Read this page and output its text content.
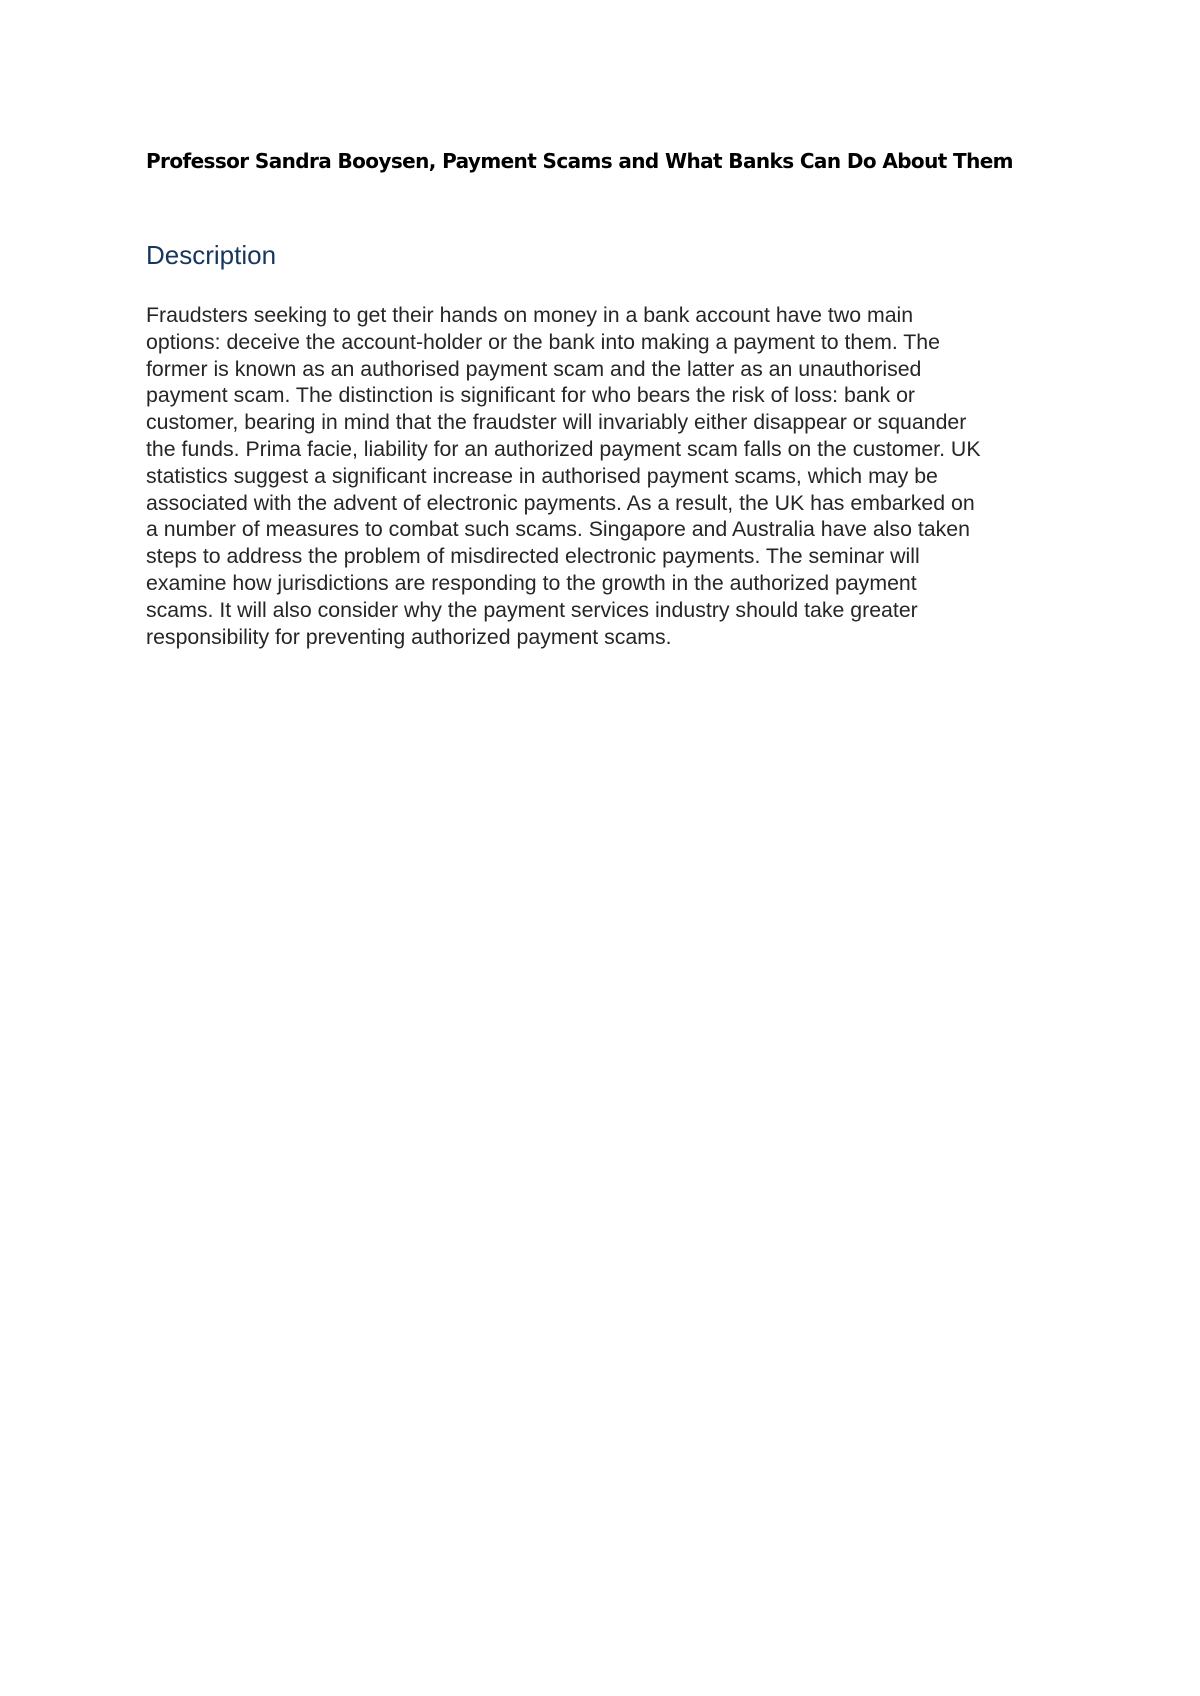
Professor Sandra Booysen, Payment Scams and What Banks Can Do About Them
Description

Fraudsters seeking to get their hands on money in a bank account have two main
options: deceive the account-holder or the bank into making a payment to them. The
former is known as an authorised payment scam and the latter as an unauthorised
payment scam. The distinction is significant for who bears the risk of loss: bank or
customer, bearing in mind that the fraudster will invariably either disappear or squander
the funds. Prima facie, liability for an authorized payment scam falls on the customer. UK
statistics suggest a significant increase in authorised payment scams, which may be
associated with the advent of electronic payments. As a result, the UK has embarked on
a number of measures to combat such scams. Singapore and Australia have also taken
steps to address the problem of misdirected electronic payments. The seminar will
examine how jurisdictions are responding to the growth in the authorized payment
scams. It will also consider why the payment services industry should take greater
responsibility for preventing authorized payment scams.
